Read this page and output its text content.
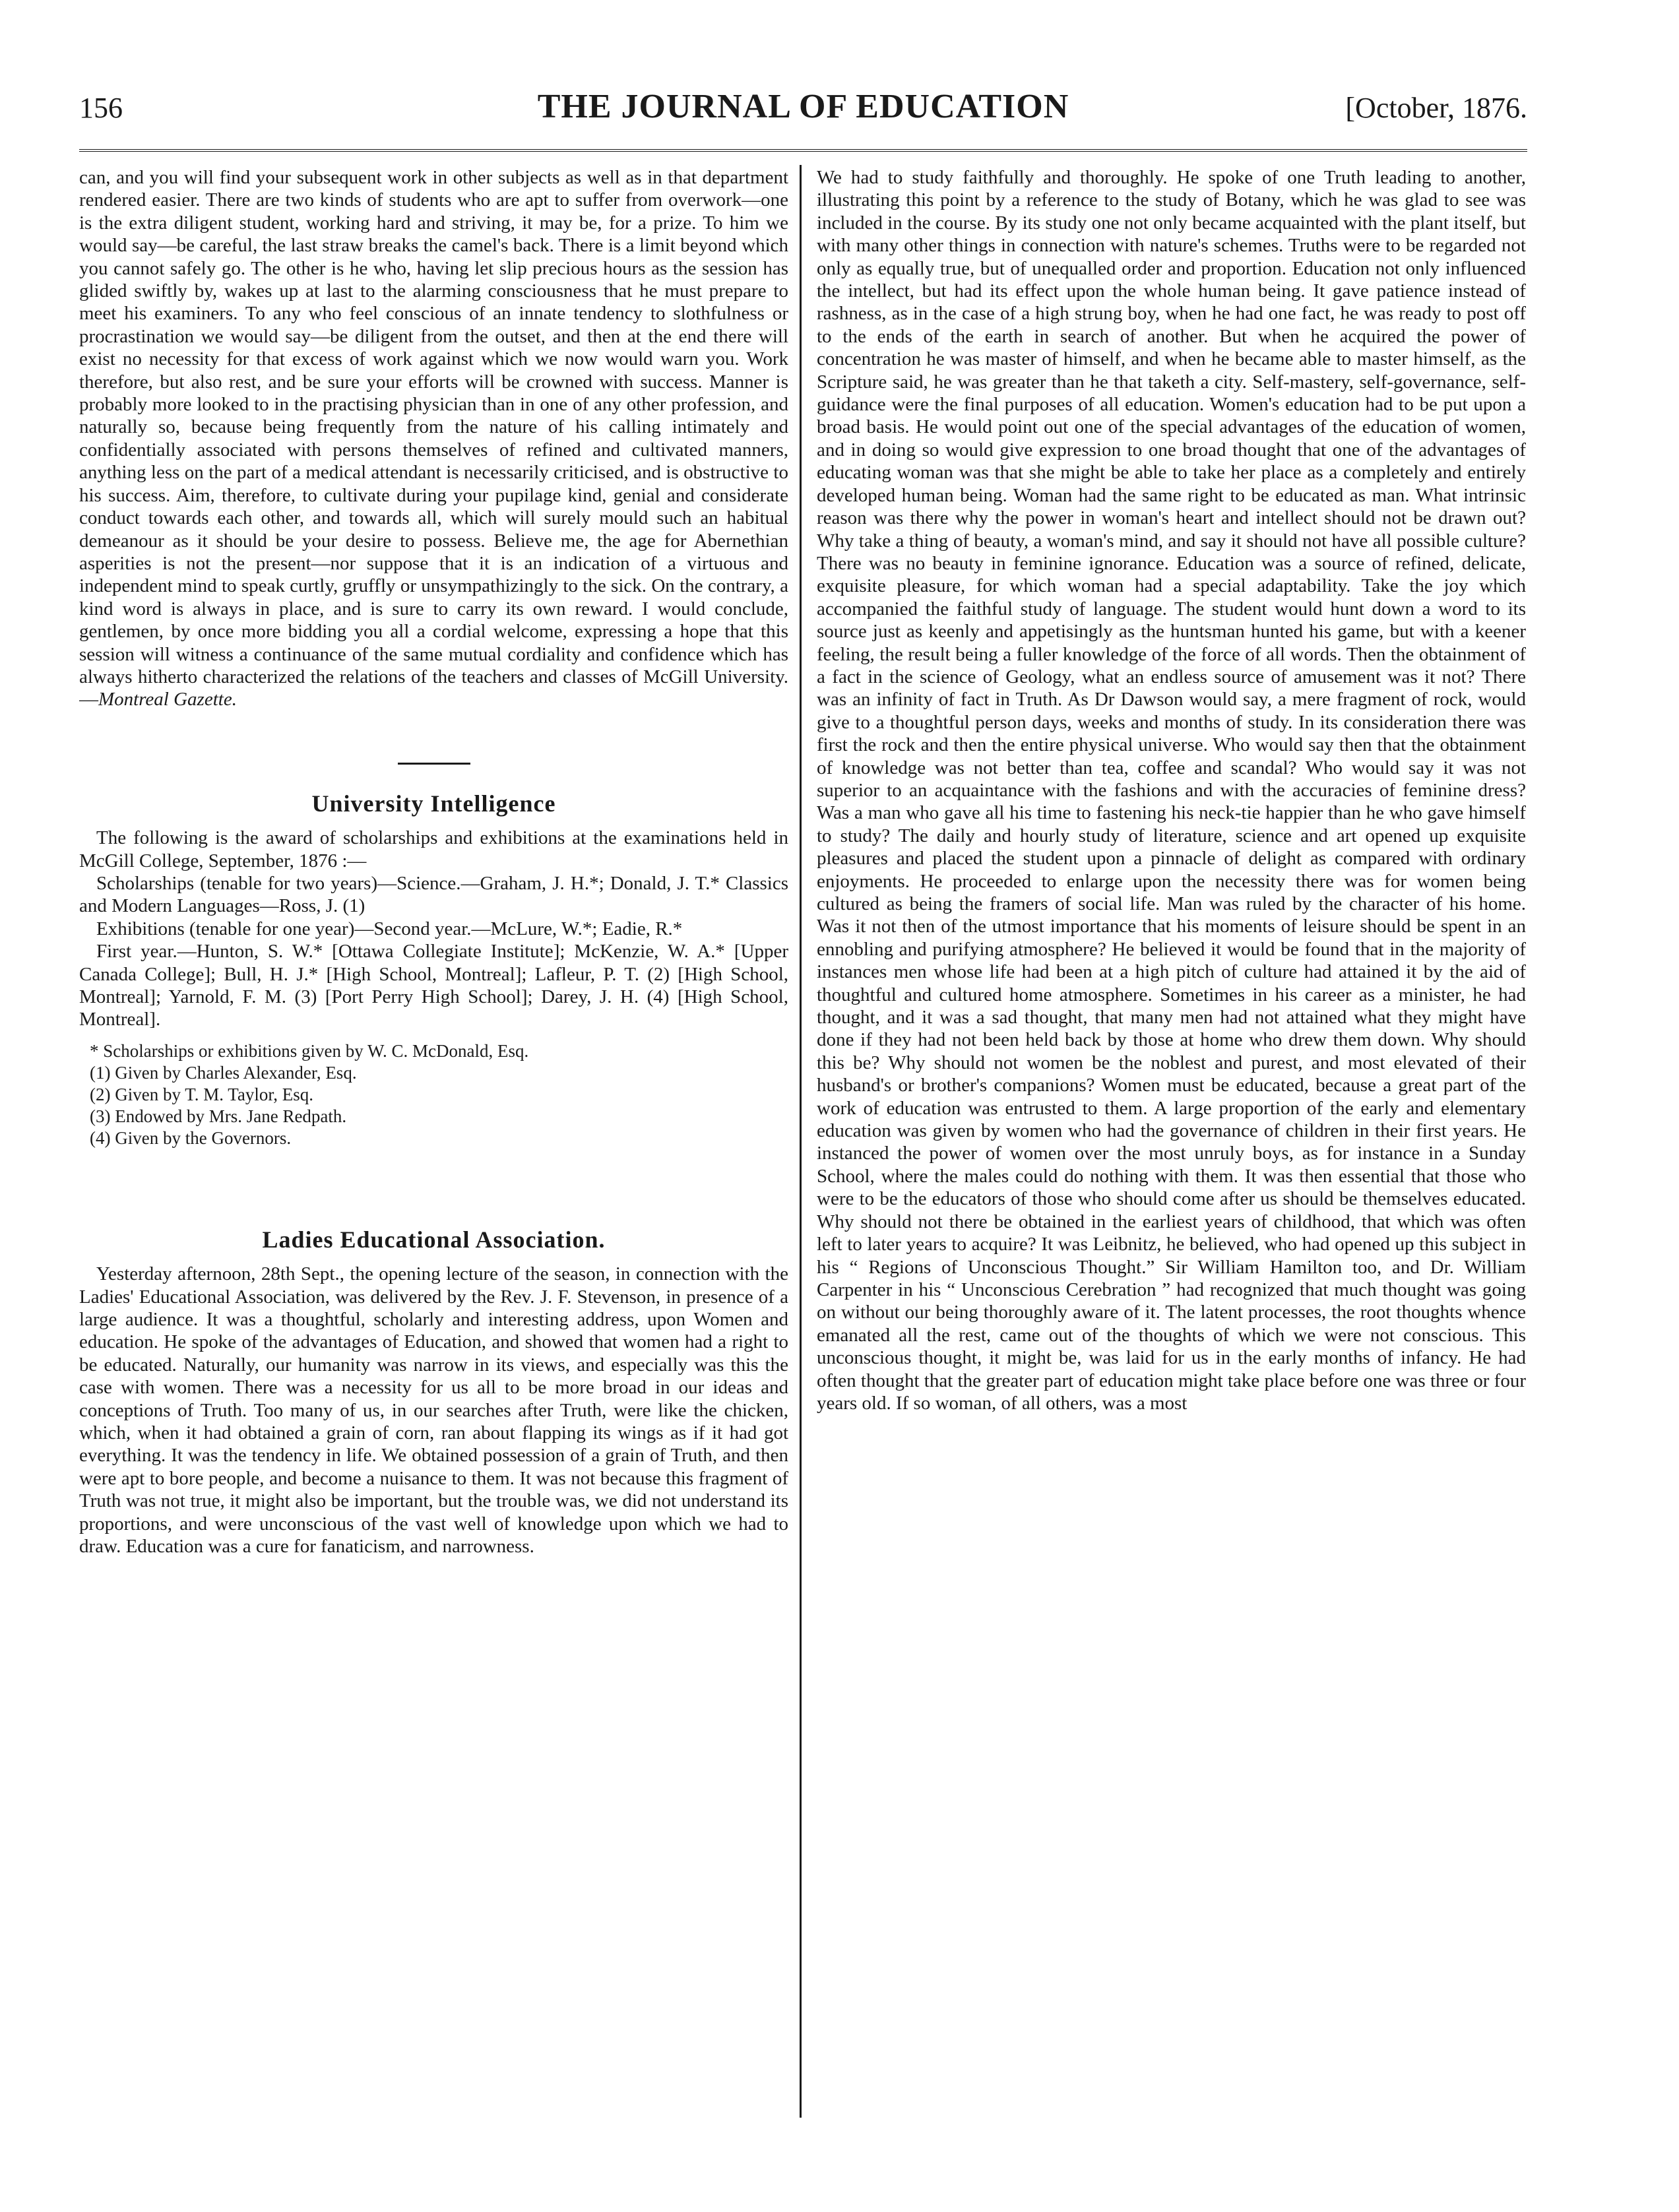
156	THE JOURNAL OF EDUCATION	[October, 1876.

can, and you will find your subsequent work in other subjects as well as in that department rendered easier. There are two kinds of students who are apt to suffer from overwork—one is the extra diligent student, working hard and striving, it may be, for a prize. To him we would say—be careful, the last straw breaks the camel's back. There is a limit beyond which you cannot safely go. The other is he who, having let slip precious hours as the session has glided swiftly by, wakes up at last to the alarming consciousness that he must prepare to meet his examiners. To any who feel conscious of an innate tendency to slothfulness or procrastination we would say—be diligent from the outset, and then at the end there will exist no necessity for that excess of work against which we now would warn you. Work therefore, but also rest, and be sure your efforts will be crowned with success. Manner is probably more looked to in the practising physician than in one of any other profession, and naturally so, because being frequently from the nature of his calling intimately and confidentially associated with persons themselves of refined and cultivated manners, anything less on the part of a medical attendant is necessarily criticised, and is obstructive to his success. Aim, therefore, to cultivate during your pupilage kind, genial and considerate conduct towards each other, and towards all, which will surely mould such an habitual demeanour as it should be your desire to possess. Believe me, the age for Abernethian asperities is not the present—nor suppose that it is an indication of a virtuous and independent mind to speak curtly, gruffly or unsympathizingly to the sick. On the contrary, a kind word is always in place, and is sure to carry its own reward. I would conclude, gentlemen, by once more bidding you all a cordial welcome, expressing a hope that this session will witness a continuance of the same mutual cordiality and confidence which has always hitherto characterized the relations of the teachers and classes of McGill University.—Montreal Gazette.

University Intelligence

The following is the award of scholarships and exhibitions at the examinations held in McGill College, September, 1876 :—

Scholarships (tenable for two years)—Science.—Graham, J. H.*; Donald, J. T.* Classics and Modern Languages—Ross, J. (1)

Exhibitions (tenable for one year)—Second year.—McLure, W.*; Eadie, R.*

First year.—Hunton, S. W.* [Ottawa Collegiate Institute]; McKenzie, W. A.* [Upper Canada College]; Bull, H. J.* [High School, Montreal]; Lafleur, P. T. (2) [High School, Montreal]; Yarnold, F. M. (3) [Port Perry High School]; Darey, J. H. (4) [High School, Montreal].

* Scholarships or exhibitions given by W. C. McDonald, Esq.

(1) Given by Charles Alexander, Esq.

(2) Given by T. M. Taylor, Esq.

(3) Endowed by Mrs. Jane Redpath.

(4) Given by the Governors.

Ladies Educational Association.

Yesterday afternoon, 28th Sept., the opening lecture of the season, in connection with the Ladies' Educational Association, was delivered by the Rev. J. F. Stevenson, in presence of a large audience. It was a thoughtful, scholarly and interesting address, upon Women and education. He spoke of the advantages of Education, and showed that women had a right to be educated. Naturally, our humanity was narrow in its views, and especially was this the case with women. There was a necessity for us all to be more broad in our ideas and conceptions of Truth. Too many of us, in our searches after Truth, were like the chicken, which, when it had obtained a grain of corn, ran about flapping its wings as if it had got everything. It was the tendency in life. We obtained possession of a grain of Truth, and then were apt to bore people, and become a nuisance to them. It was not because this fragment of Truth was not true, it might also be important, but the trouble was, we did not understand its proportions, and were unconscious of the vast well of knowledge upon which we had to draw. Education was a cure for fanaticism, and narrowness.

We had to study faithfully and thoroughly. He spoke of one Truth leading to another, illustrating this point by a reference to the study of Botany, which he was glad to see was included in the course. By its study one not only became acquainted with the plant itself, but with many other things in connection with nature's schemes. Truths were to be regarded not only as equally true, but of unequalled order and proportion. Education not only influenced the intellect, but had its effect upon the whole human being. It gave patience instead of rashness, as in the case of a high strung boy, when he had one fact, he was ready to post off to the ends of the earth in search of another. But when he acquired the power of concentration he was master of himself, and when he became able to master himself, as the Scripture said, he was greater than he that taketh a city. Self-mastery, self-governance, self-guidance were the final purposes of all education. Women's education had to be put upon a broad basis. He would point out one of the special advantages of the education of women, and in doing so would give expression to one broad thought that one of the advantages of educating woman was that she might be able to take her place as a completely and entirely developed human being. Woman had the same right to be educated as man. What intrinsic reason was there why the power in woman's heart and intellect should not be drawn out? Why take a thing of beauty, a woman's mind, and say it should not have all possible culture? There was no beauty in feminine ignorance. Education was a source of refined, delicate, exquisite pleasure, for which woman had a special adaptability. Take the joy which accompanied the faithful study of language. The student would hunt down a word to its source just as keenly and appetisingly as the huntsman hunted his game, but with a keener feeling, the result being a fuller knowledge of the force of all words. Then the obtainment of a fact in the science of Geology, what an endless source of amusement was it not? There was an infinity of fact in Truth. As Dr Dawson would say, a mere fragment of rock, would give to a thoughtful person days, weeks and months of study. In its consideration there was first the rock and then the entire physical universe. Who would say then that the obtainment of knowledge was not better than tea, coffee and scandal? Who would say it was not superior to an acquaintance with the fashions and with the accuracies of feminine dress? Was a man who gave all his time to fastening his neck-tie happier than he who gave himself to study? The daily and hourly study of literature, science and art opened up exquisite pleasures and placed the student upon a pinnacle of delight as compared with ordinary enjoyments. He proceeded to enlarge upon the necessity there was for women being cultured as being the framers of social life. Man was ruled by the character of his home. Was it not then of the utmost importance that his moments of leisure should be spent in an ennobling and purifying atmosphere? He believed it would be found that in the majority of instances men whose life had been at a high pitch of culture had attained it by the aid of thoughtful and cultured home atmosphere. Sometimes in his career as a minister, he had thought, and it was a sad thought, that many men had not attained what they might have done if they had not been held back by those at home who drew them down. Why should this be? Why should not women be the noblest and purest, and most elevated of their husband's or brother's companions? Women must be educated, because a great part of the work of education was entrusted to them. A large proportion of the early and elementary education was given by women who had the governance of children in their first years. He instanced the power of women over the most unruly boys, as for instance in a Sunday School, where the males could do nothing with them. It was then essential that those who were to be the educators of those who should come after us should be themselves educated. Why should not there be obtained in the earliest years of childhood, that which was often left to later years to acquire? It was Leibnitz, he believed, who had opened up this subject in his “ Regions of Unconscious Thought.” Sir William Hamilton too, and Dr. William Carpenter in his “ Unconscious Cerebration ” had recognized that much thought was going on without our being thoroughly aware of it. The latent processes, the root thoughts whence emanated all the rest, came out of the thoughts of which we were not conscious. This unconscious thought, it might be, was laid for us in the early months of infancy. He had often thought that the greater part of education might take place before one was three or four years old. If so woman, of all others, was a most
